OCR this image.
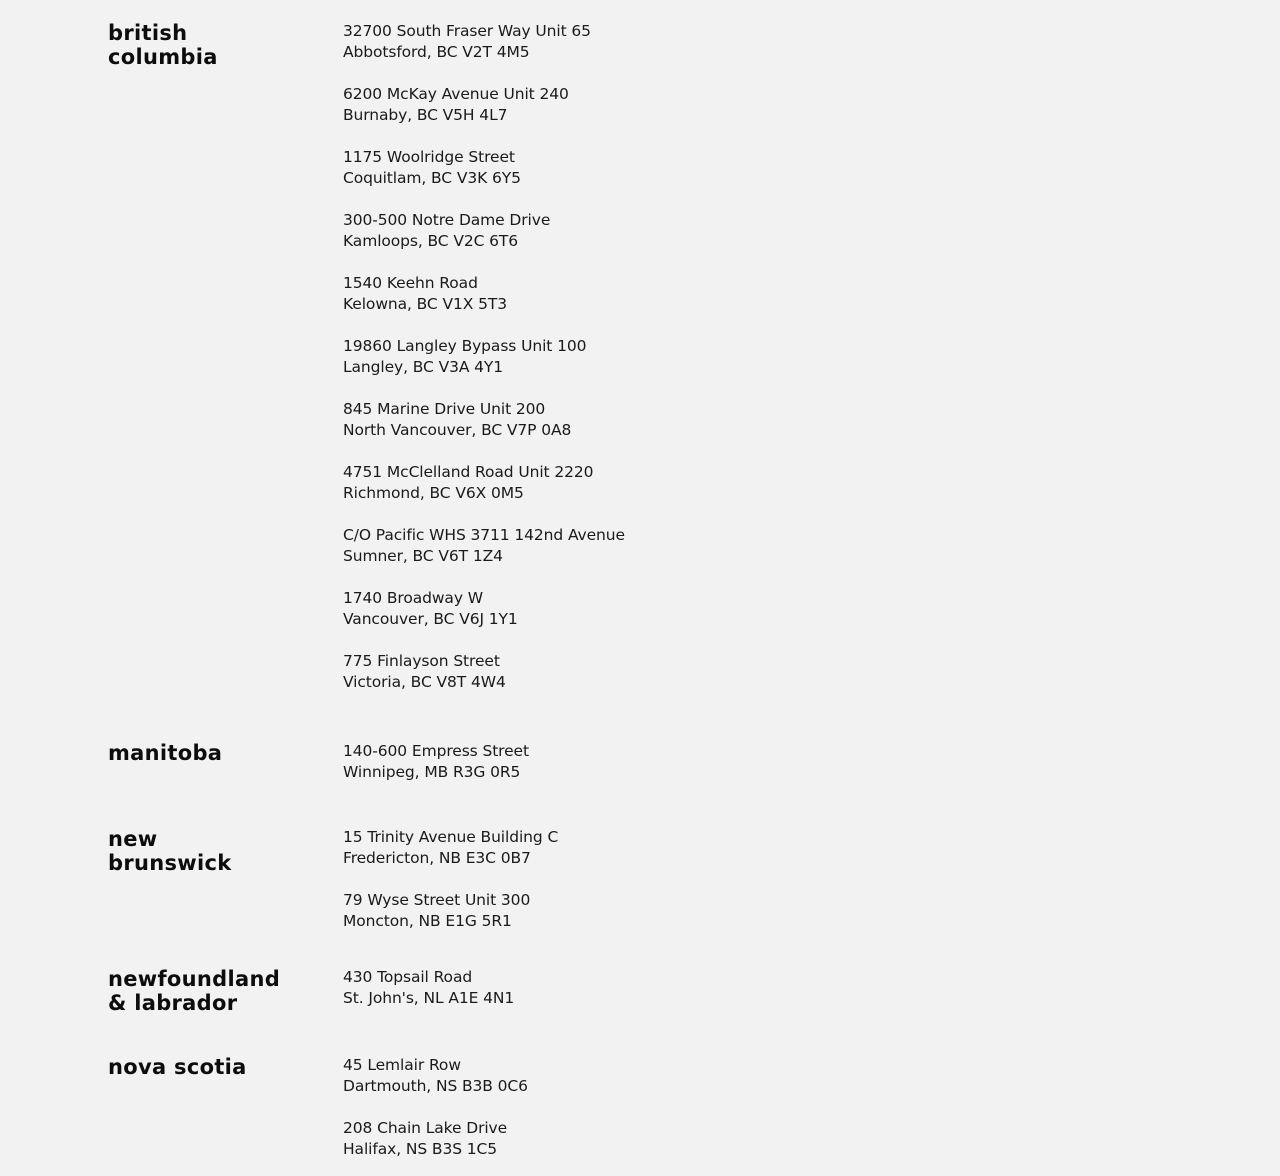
british
columbia
32700 South Fraser Way Unit 65
Abbotsford, BC V2T 4M5
6200 McKay Avenue Unit 240
Burnaby, BC V5H 4L7
1175 Woolridge Street
Coquitlam, BC V3K 6Y5
300-500 Notre Dame Drive
Kamloops, BC V2C 6T6
1540 Keehn Road
Kelowna, BC V1X 5T3
19860 Langley Bypass Unit 100
Langley, BC V3A 4Y1
845 Marine Drive Unit 200
North Vancouver, BC V7P 0A8
4751 McClelland Road Unit 2220
Richmond, BC V6X 0M5
C/O Pacific WHS 3711 142nd Avenue
Sumner, BC V6T 1Z4
1740 Broadway W
Vancouver, BC V6J 1Y1
775 Finlayson Street
Victoria, BC V8T 4W4
manitoba	140-600 Empress Street
Winnipeg, MB R3G 0R5
new
brunswick
15 Trinity Avenue Building C
Fredericton, NB E3C 0B7
79 Wyse Street Unit 300
Moncton, NB E1G 5R1
newfoundland
& labrador
430 Topsail Road
St. John's, NL A1E 4N1
nova scotia	45 Lemlair Row
Dartmouth, NS B3B 0C6
208 Chain Lake Drive
Halifax, NS B3S 1C5
